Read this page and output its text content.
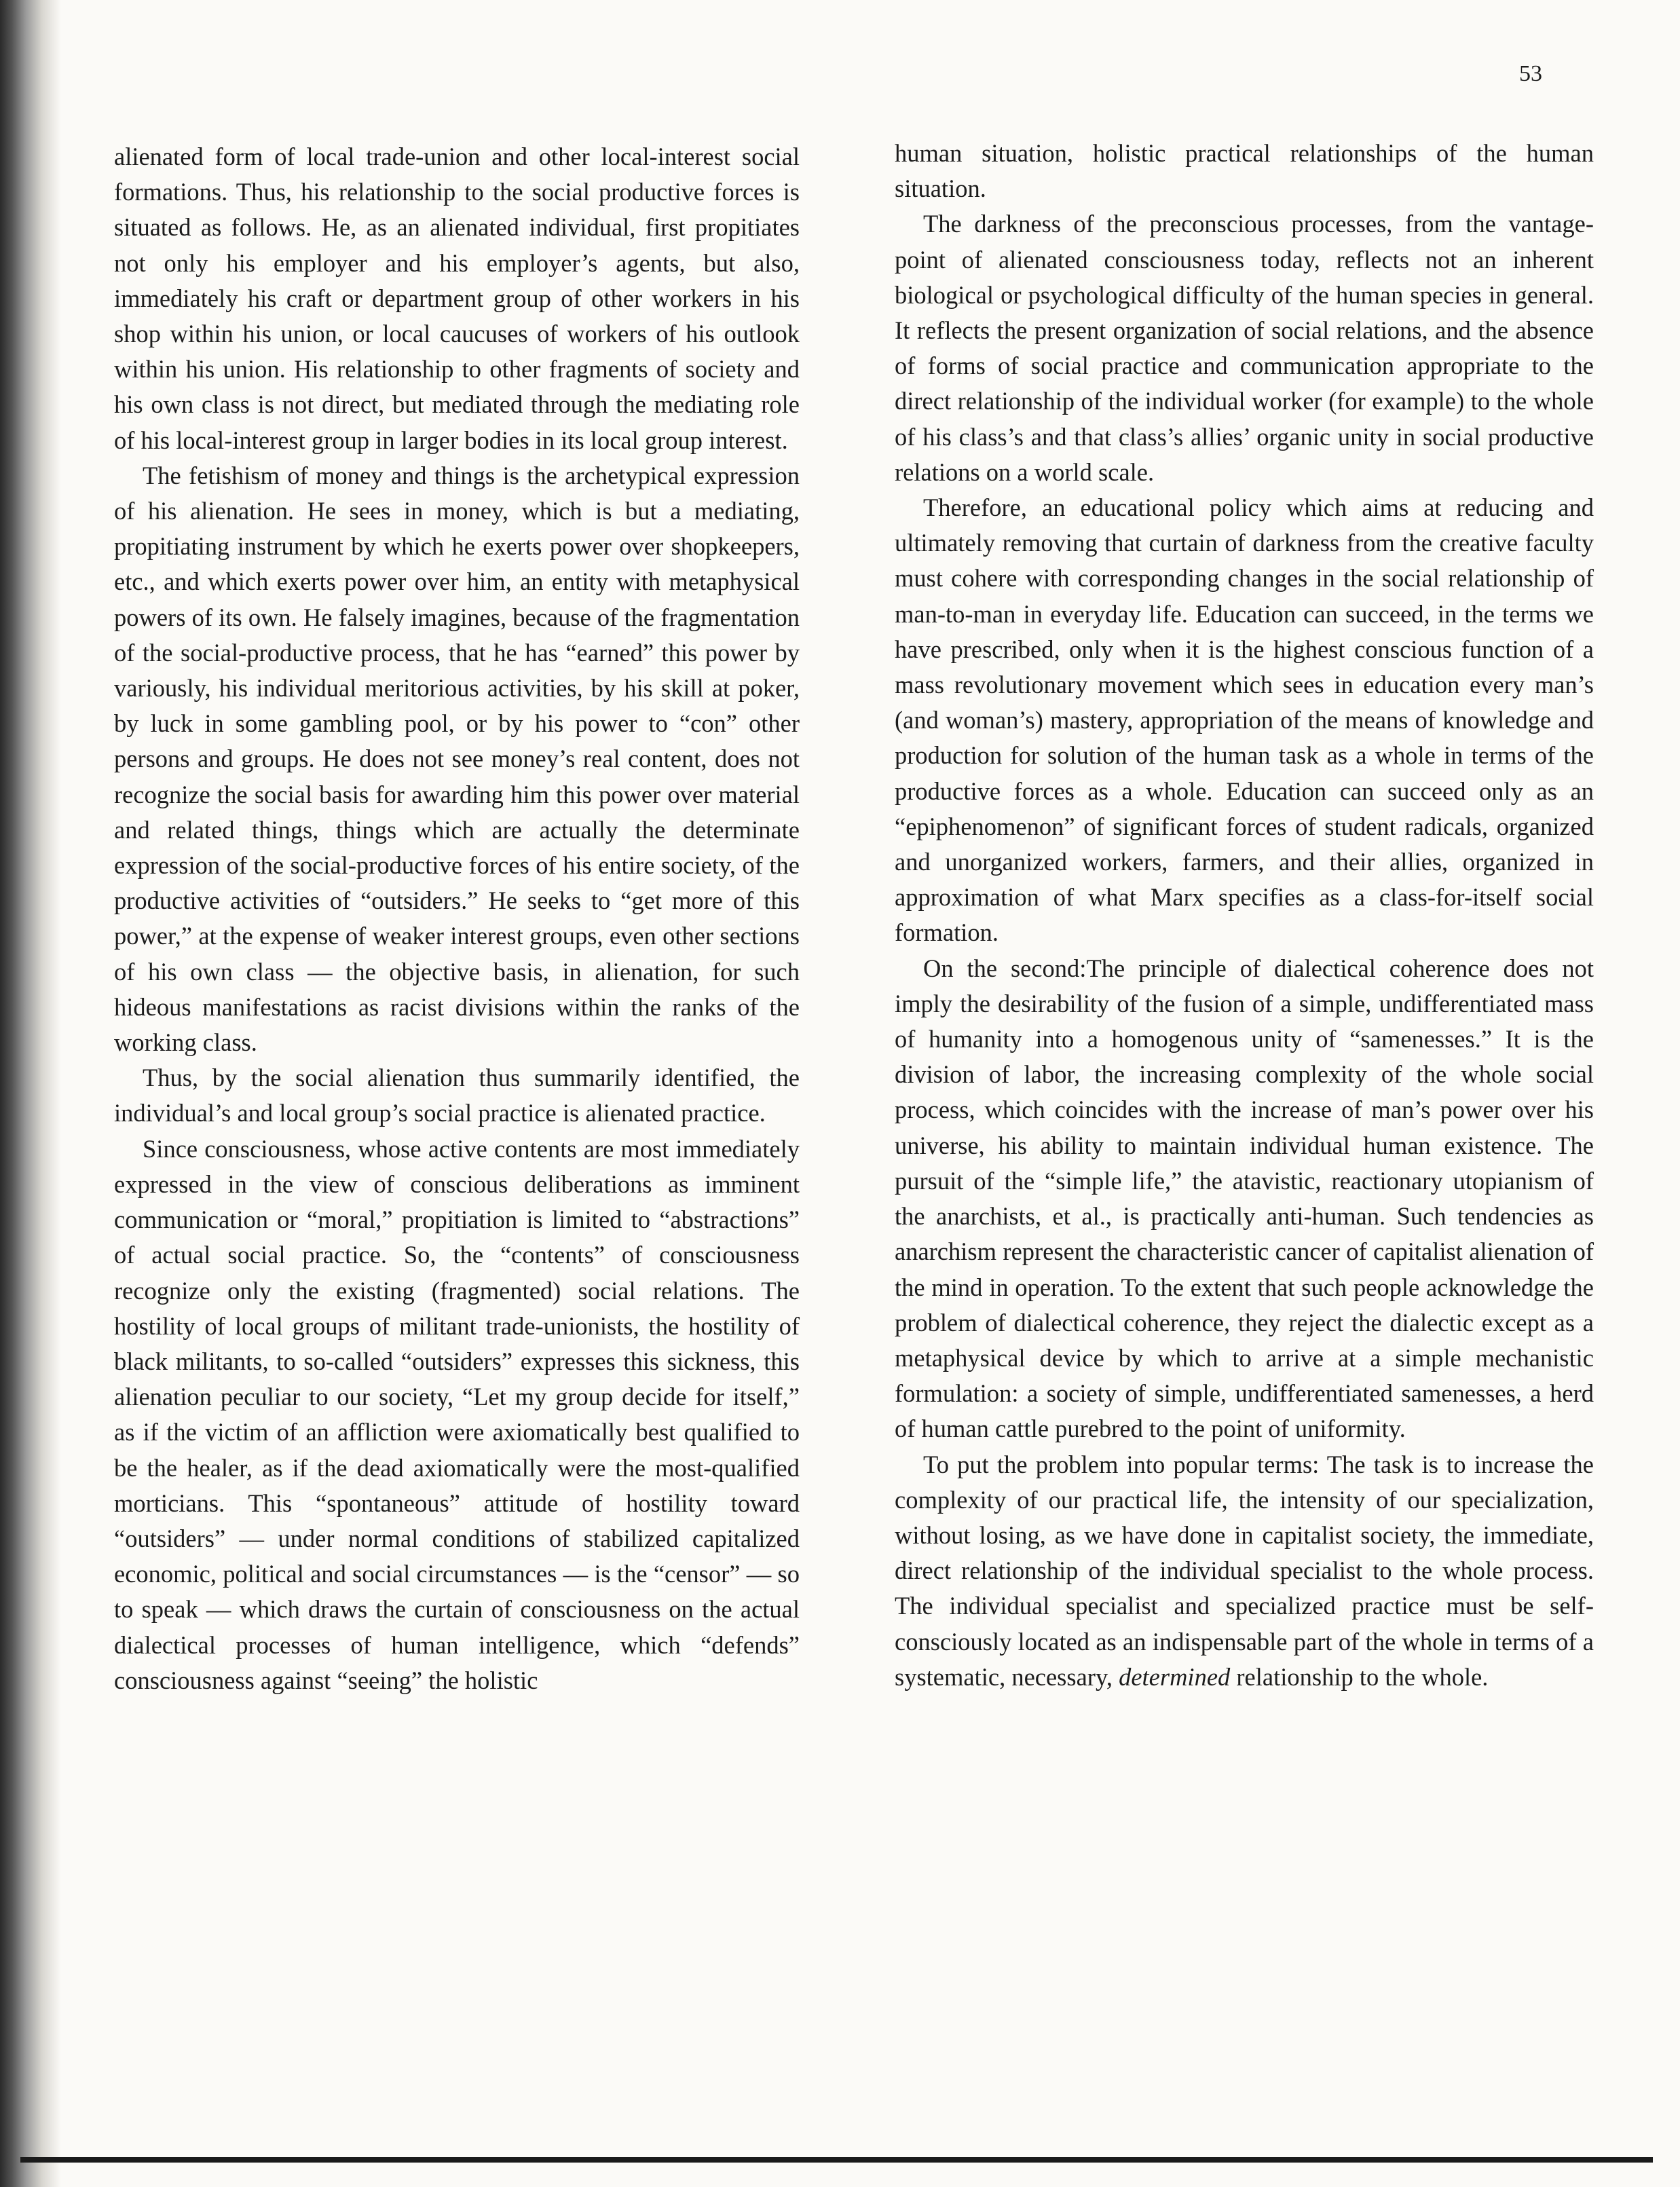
53

alienated form of local trade-union and other local-interest social formations. Thus, his relationship to the social productive forces is situated as follows. He, as an alienated individual, first propitiates not only his employer and his employer’s agents, but also, immediately his craft or department group of other workers in his shop within his union, or local caucuses of workers of his outlook within his union. His relationship to other fragments of society and his own class is not direct, but mediated through the mediating role of his local-interest group in larger bodies in its local group interest.

The fetishism of money and things is the archetypical expression of his alienation. He sees in money, which is but a mediating, propitiating instrument by which he exerts power over shopkeepers, etc., and which exerts power over him, an entity with metaphysical powers of its own. He falsely imagines, because of the fragmentation of the social-productive process, that he has “earned” this power by variously, his individual meritorious activities, by his skill at poker, by luck in some gambling pool, or by his power to “con” other persons and groups. He does not see money’s real content, does not recognize the social basis for awarding him this power over material and related things, things which are actually the determinate expression of the social-productive forces of his entire society, of the productive activities of “outsiders.” He seeks to “get more of this power,” at the expense of weaker interest groups, even other sections of his own class — the objective basis, in alienation, for such hideous manifestations as racist divisions within the ranks of the working class.

Thus, by the social alienation thus summarily identified, the individual’s and local group’s social practice is alienated practice.

Since consciousness, whose active contents are most immediately expressed in the view of conscious deliberations as imminent communication or “moral,” propitiation is limited to “abstractions” of actual social practice. So, the “contents” of consciousness recognize only the existing (fragmented) social relations. The hostility of local groups of militant trade-unionists, the hostility of black militants, to so-called “outsiders” expresses this sickness, this alienation peculiar to our society, “Let my group decide for itself,” as if the victim of an affliction were axiomatically best qualified to be the healer, as if the dead axiomatically were the most-qualified morticians. This “spontaneous” attitude of hostility toward “outsiders” — under normal conditions of stabilized capitalized economic, political and social circumstances — is the “censor” — so to speak — which draws the curtain of consciousness on the actual dialectical processes of human intelligence, which “defends” consciousness against “seeing” the holistic

human situation, holistic practical relationships of the human situation.

The darkness of the preconscious processes, from the vantage-point of alienated consciousness today, reflects not an inherent biological or psychological difficulty of the human species in general. It reflects the present organization of social relations, and the absence of forms of social practice and communication appropriate to the direct relationship of the individual worker (for example) to the whole of his class’s and that class’s allies’ organic unity in social productive relations on a world scale.

Therefore, an educational policy which aims at reducing and ultimately removing that curtain of darkness from the creative faculty must cohere with corresponding changes in the social relationship of man-to-man in everyday life. Education can succeed, in the terms we have prescribed, only when it is the highest conscious function of a mass revolutionary movement which sees in education every man’s (and woman’s) mastery, appropriation of the means of knowledge and production for solution of the human task as a whole in terms of the productive forces as a whole. Education can succeed only as an “epiphenomenon” of significant forces of student radicals, organized and unorganized workers, farmers, and their allies, organized in approximation of what Marx specifies as a class-for-itself social formation.

On the second:The principle of dialectical coherence does not imply the desirability of the fusion of a simple, undifferentiated mass of humanity into a homogenous unity of “samenesses.” It is the division of labor, the increasing complexity of the whole social process, which coincides with the increase of man’s power over his universe, his ability to maintain individual human existence. The pursuit of the “simple life,” the atavistic, reactionary utopianism of the anarchists, et al., is practically anti-human. Such tendencies as anarchism represent the characteristic cancer of capitalist alienation of the mind in operation. To the extent that such people acknowledge the problem of dialectical coherence, they reject the dialectic except as a metaphysical device by which to arrive at a simple mechanistic formulation: a society of simple, undifferentiated samenesses, a herd of human cattle purebred to the point of uniformity.

To put the problem into popular terms: The task is to increase the complexity of our practical life, the intensity of our specialization, without losing, as we have done in capitalist society, the immediate, direct relationship of the individual specialist to the whole process. The individual specialist and specialized practice must be self-consciously located as an indispensable part of the whole in terms of a systematic, necessary, determined relationship to the whole.
